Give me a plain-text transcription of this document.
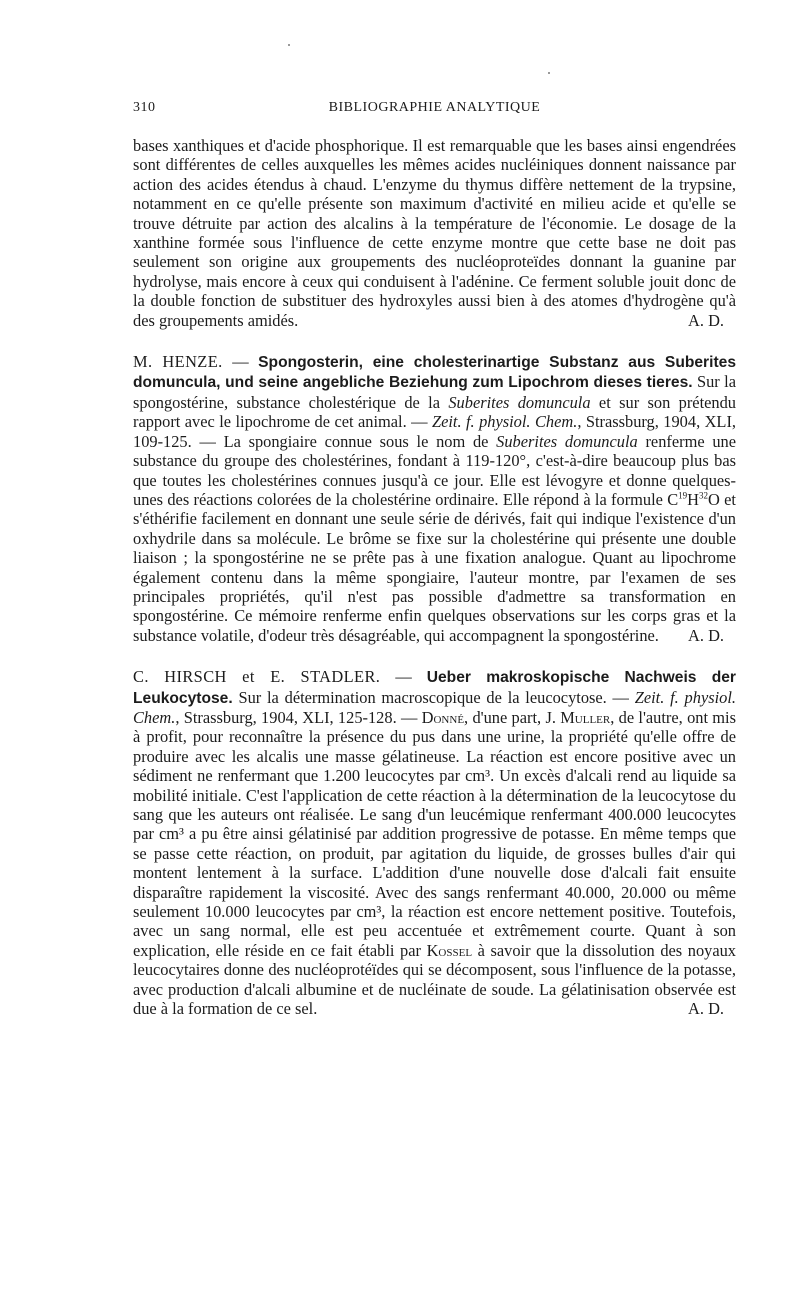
310	BIBLIOGRAPHIE ANALYTIQUE

bases xanthiques et d'acide phosphorique. Il est remarquable que les bases ainsi engendrées sont différentes de celles auxquelles les mêmes acides nucléiniques donnent naissance par action des acides étendus à chaud. L'enzyme du thymus diffère nettement de la trypsine, notamment en ce qu'elle présente son maximum d'activité en milieu acide et qu'elle se trouve détruite par action des alcalins à la température de l'économie. Le dosage de la xanthine formée sous l'influence de cette enzyme montre que cette base ne doit pas seulement son origine aux groupements des nucléoproteïdes donnant la guanine par hydrolyse, mais encore à ceux qui conduisent à l'adénine. Ce ferment soluble jouit donc de la double fonction de substituer des hydroxyles aussi bien à des atomes d'hydrogène qu'à des groupements amidés.	A. D.

M. HENZE. — Spongosterin, eine cholesterinartige Substanz aus Suberites domuncula, und seine angebliche Beziehung zum Lipochrom dieses tieres. Sur la spongostérine, substance cholestérique de la Suberites domuncula et sur son prétendu rapport avec le lipochrome de cet animal. — Zeit. f. physiol. Chem., Strassburg, 1904, XLI, 109-125. — La spongiaire connue sous le nom de Suberites domuncula renferme une substance du groupe des cholestérines, fondant à 119-120°, c'est-à-dire beaucoup plus bas que toutes les cholestérines connues jusqu'à ce jour. Elle est lévogyre et donne quelques-unes des réactions colorées de la cholestérine ordinaire. Elle répond à la formule $C^{19}H^{32}O$ et s'éthérifie facilement en donnant une seule série de dérivés, fait qui indique l'existence d'un oxhydrile dans sa molécule. Le brôme se fixe sur la cholestérine qui présente une double liaison ; la spongostérine ne se prête pas à une fixation analogue. Quant au lipochrome également contenu dans la même spongiaire, l'auteur montre, par l'examen de ses principales propriétés, qu'il n'est pas possible d'admettre sa transformation en spongostérine. Ce mémoire renferme enfin quelques observations sur les corps gras et la substance volatile, d'odeur très désagréable, qui accompagnent la spongostérine. A. D.

C. HIRSCH et E. STADLER. — Ueber makroskopische Nachweis der Leukocytose. Sur la détermination macroscopique de la leucocytose. — Zeit. f. physiol. Chem., Strassburg, 1904, XLI, 125-128. — Donné, d'une part, J. Muller, de l'autre, ont mis à profit, pour reconnaître la présence du pus dans une urine, la propriété qu'elle offre de produire avec les alcalis une masse gélatineuse. La réaction est encore positive avec un sédiment ne renfermant que 1.200 leucocytes par cm³. Un excès d'alcali rend au liquide sa mobilité initiale. C'est l'application de cette réaction à la détermination de la leucocytose du sang que les auteurs ont réalisée. Le sang d'un leucémique renfermant 400.000 leucocytes par cm³ a pu être ainsi gélatinisé par addition progressive de potasse. En même temps que se passe cette réaction, on produit, par agitation du liquide, de grosses bulles d'air qui montent lentement à la surface. L'addition d'une nouvelle dose d'alcali fait ensuite disparaître rapidement la viscosité. Avec des sangs renfermant 40.000, 20.000 ou même seulement 10.000 leucocytes par cm³, la réaction est encore nettement positive. Toutefois, avec un sang normal, elle est peu accentuée et extrêmement courte. Quant à son explication, elle réside en ce fait établi par Kossel à savoir que la dissolution des noyaux leucocytaires donne des nucléoprotéïdes qui se décomposent, sous l'influence de la potasse, avec production d'alcali albumine et de nucléinate de soude. La gélatinisation observée est due à la formation de ce sel.	A. D.
